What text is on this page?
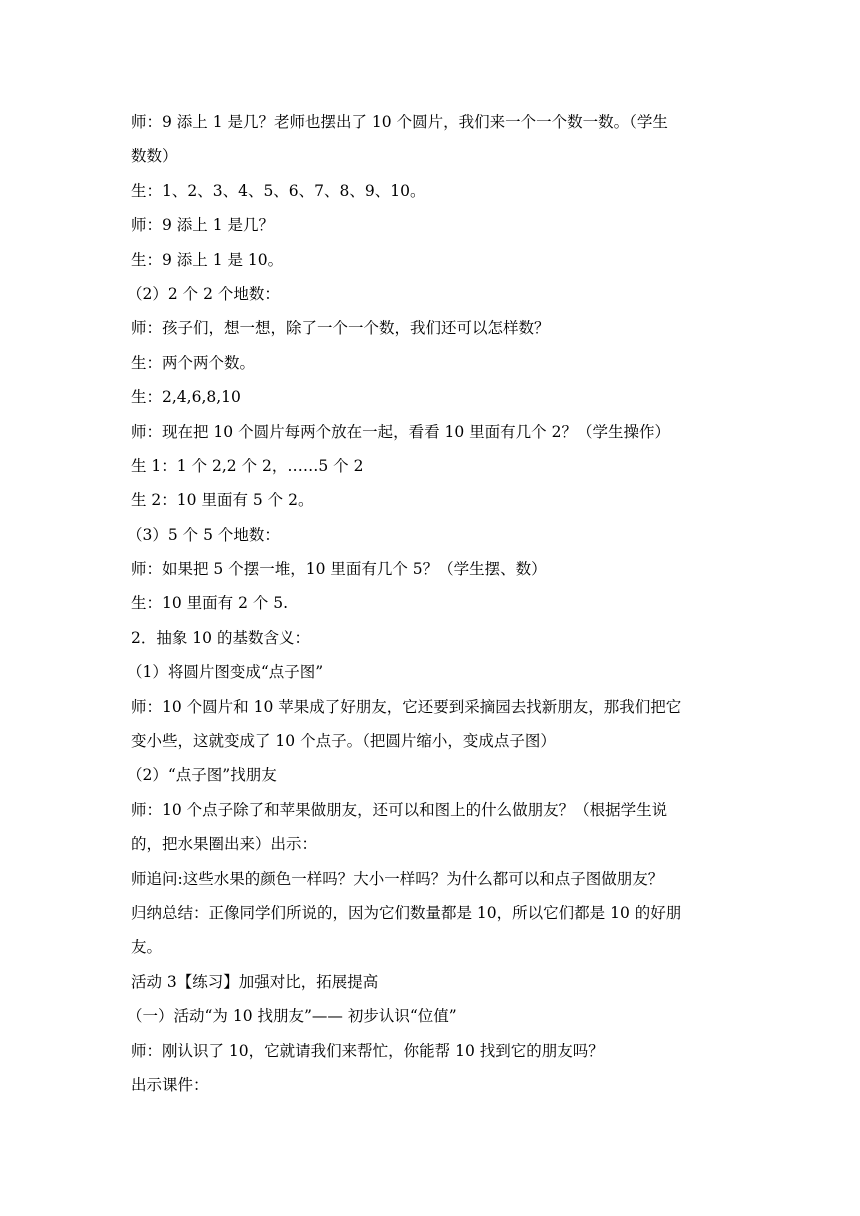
师：9 添上 1 是几？老师也摆出了 10 个圆片，我们来一个一个数一数。（学生
数数）
生：1、2、3、4、5、6、7、8、9、10。
师：9 添上 1 是几？
生：9 添上 1 是 10。
（2）2 个 2 个地数：
师：孩子们，想一想，除了一个一个数，我们还可以怎样数？
生：两个两个数。
生：2,4,6,8,10
师：现在把 10 个圆片每两个放在一起，看看 10 里面有几个 2？（学生操作）
生 1：1 个 2,2 个 2，……5 个 2
生 2：10 里面有 5 个 2。
（3）5 个 5 个地数：
师：如果把 5 个摆一堆，10 里面有几个 5？（学生摆、数）
生：10 里面有 2 个 5.
2．抽象 10 的基数含义：
（1）将圆片图变成“点子图”
师：10 个圆片和 10 苹果成了好朋友，它还要到采摘园去找新朋友，那我们把它
变小些，这就变成了 10 个点子。（把圆片缩小，变成点子图）
（2）“点子图”找朋友
师：10 个点子除了和苹果做朋友，还可以和图上的什么做朋友？（根据学生说
的，把水果圈出来）出示：
师追问:这些水果的颜色一样吗？大小一样吗？为什么都可以和点子图做朋友？
归纳总结：正像同学们所说的，因为它们数量都是 10，所以它们都是 10 的好朋
友。
活动 3【练习】加强对比，拓展提高
（一）活动“为 10 找朋友”—— 初步认识“位值”
师：刚认识了 10，它就请我们来帮忙，你能帮 10 找到它的朋友吗？
出示课件：
